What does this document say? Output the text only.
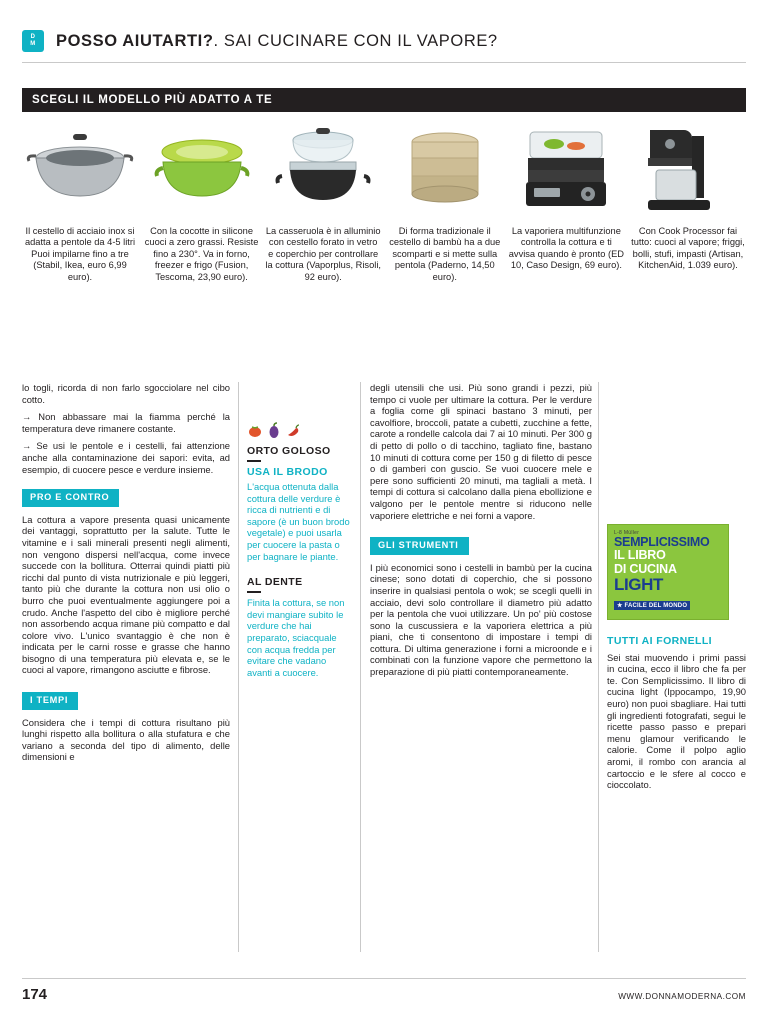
D
M POSSO AIUTARTI?. SAI CUCINARE CON IL VAPORE?
SCEGLI IL MODELLO PIÙ ADATTO A TE
Il cestello di acciaio inox si adatta a pentole da 4-5 litri Puoi impilarne fino a tre (Stabil, Ikea, euro 6,99 euro).
Con la cocotte in silicone cuoci a zero grassi. Resiste fino a 230°. Va in forno, freezer e frigo (Fusion, Tescoma, 23,90 euro).
La casseruola è in alluminio con cestello forato in vetro e coperchio per controllare la cottura (Vaporplus, Risoli, 92 euro).
Di forma tradizionale il cestello di bambù ha a due scomparti e si mette sulla pentola (Paderno, 14,50 euro).
La vaporiera multifunzione controlla la cottura e ti avvisa quando è pronto (ED 10, Caso Design, 69 euro).
Con Cook Processor fai tutto: cuoci al vapore; friggi, bolli, stufi, impasti (Artisan, KitchenAid, 1.039 euro).

lo togli, ricorda di non farlo sgocciolare nel cibo cotto.

→ Non abbassare mai la fiamma perché la temperatura deve rimanere costante.

→ Se usi le pentole e i cestelli, fai attenzione anche alla contaminazione dei sapori: evita, ad esempio, di cuocere pesce e verdure insieme.

PRO E CONTRO

La cottura a vapore presenta quasi unicamente dei vantaggi, soprattutto per la salute. Tutte le vitamine e i sali minerali presenti negli alimenti, non vengono dispersi nell'acqua, come invece succede con la bollitura. Otterrai quindi piatti più ricchi dal punto di vista nutrizionale e più leggeri, tanto più che durante la cottura non usi olio o burro che puoi eventualmente aggiungere poi a crudo. Anche l'aspetto del cibo è migliore perché non assorbendo acqua rimane più compatto e dal colore vivo. L'unico svantaggio è che non è indicata per le carni rosse e grasse che hanno bisogno di una temperatura più elevata e, se le cuoci al vapore, rimangono asciutte e fibrose.

I TEMPI

Considera che i tempi di cottura risultano più lunghi rispetto alla bollitura o alla stufatura e che variano a seconda del tipo di alimento, delle dimensioni e

ORTO GOLOSO
USA IL BRODO
L'acqua ottenuta dalla cottura delle verdure è ricca di nutrienti e di sapore (è un buon brodo vegetale) e puoi usarla per cuocere la pasta o per bagnare le piante.
AL DENTE
Finita la cottura, se non devi mangiare subito le verdure che hai preparato, sciacquale con acqua fredda per evitare che vadano avanti a cuocere.

degli utensili che usi. Più sono grandi i pezzi, più tempo ci vuole per ultimare la cottura. Per le verdure a foglia come gli spinaci bastano 3 minuti, per cavolfiore, broccoli, patate a cubetti, zucchine a fette, carote a rondelle calcola dai 7 ai 10 minuti. Per 300 g di petto di pollo o di tacchino, tagliato fine, bastano 10 minuti di cottura come per 150 g di filetto di pesce o di gamberi con guscio. Se vuoi cuocere mele e pere sono sufficienti 20 minuti, ma tagliali a metà. I tempi di cottura si calcolano dalla piena ebollizione e valgono per le pentole mentre si riducono nelle vaporiere elettriche e nei forni a vapore.

GLI STRUMENTI

I più economici sono i cestelli in bambù per la cucina cinese; sono dotati di coperchio, che si possono inserire in qualsiasi pentola o wok; se scegli quelli in acciaio, devi solo controllare il diametro più adatto per la pentola che vuoi utilizzare. Un po' più costose sono la cuscussiera e la vaporiera elettrica a più piani, che ti consentono di impostare i tempi di cottura. Di ultima generazione i forni a microonde e i combinati con la funzione vapore che permettono la preparazione di più piatti contemporaneamente.

L-8 Müller
SEMPLICISSIMO
IL LIBRO
DI CUCINA
LIGHT
★ FACILE DEL MONDO
TUTTI AI FORNELLI

Sei stai muovendo i primi passi in cucina, ecco il libro che fa per te. Con Semplicissimo. Il libro di cucina light (Ippocampo, 19,90 euro) non puoi sbagliare. Hai tutti gli ingredienti fotografati, segui le ricette passo passo e prepari menu glamour verificando le calorie. Come il polpo aglio aromi, il rombo con arancia al cartoccio e le sfere al cocco e cioccolato.

174	WWW.DONNAMODERNA.COM
